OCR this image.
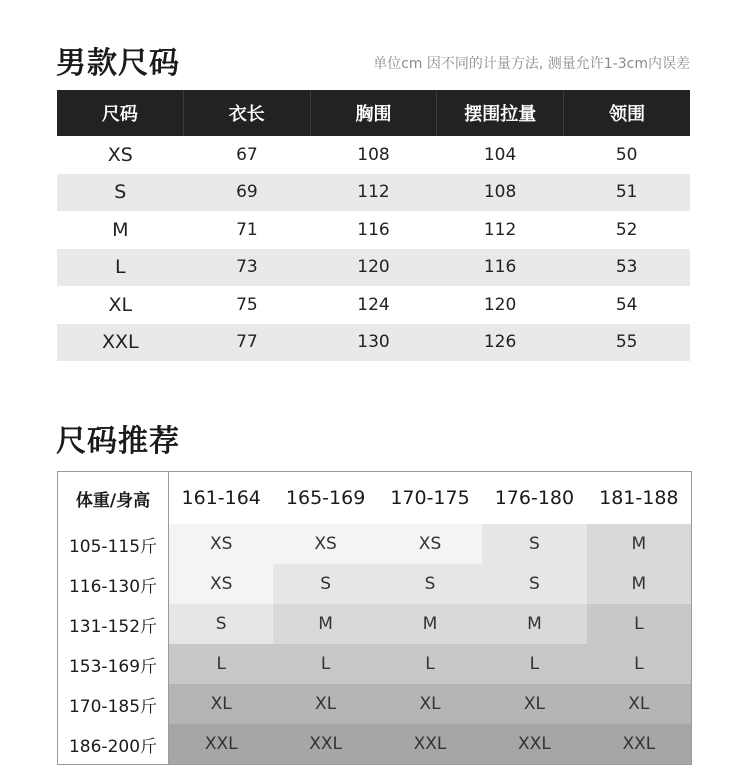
男款尺码	单位cm 因不同的计量方法, 测量允许1-3cm内误差
尺码	衣长	胸围	摆围拉量	领围
XS	67	108	104	50
S	69	112	108	51
M	71	116	112	52
L	73	120	116	53
XL	75	124	120	54
XXL	77	130	126	55
尺码推荐
体重/身高	161-164	165-169	170-175	176-180	181-188
105-115斤	XS	XS	XS	S	M
116-130斤	XS	S	S	S	M
131-152斤	S	M	M	M	L
153-169斤	L	L	L	L	L
170-185斤	XL	XL	XL	XL	XL
186-200斤	XXL	XXL	XXL	XXL	XXL
